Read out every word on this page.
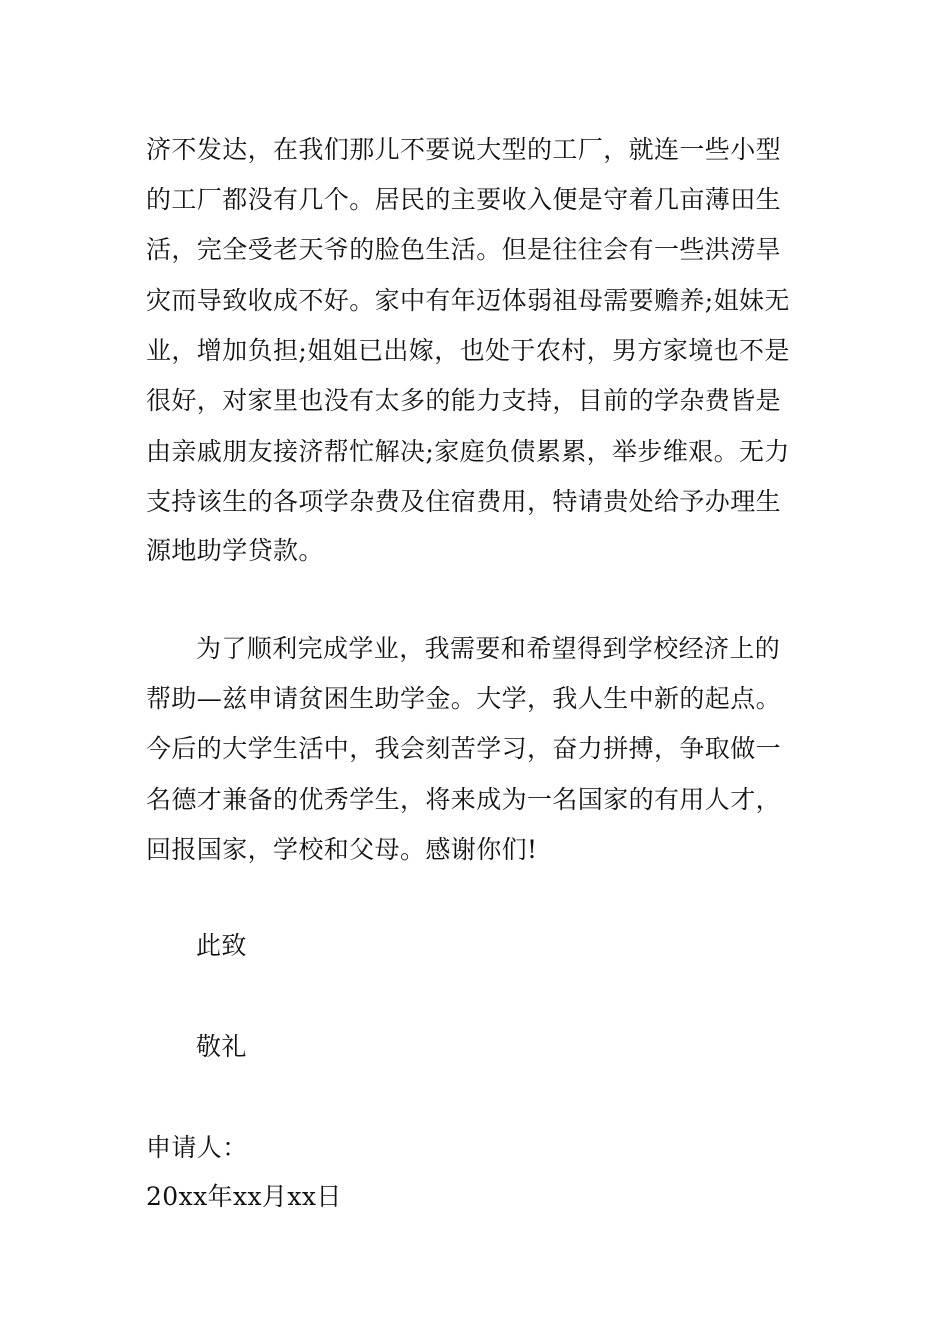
济不发达，在我们那儿不要说大型的工厂，就连一些小型
的工厂都没有几个。居民的主要收入便是守着几亩薄田生
活，完全受老天爷的脸色生活。但是往往会有一些洪涝旱
灾而导致收成不好。家中有年迈体弱祖母需要赡养;姐妹无
业，增加负担;姐姐已出嫁，也处于农村，男方家境也不是
很好，对家里也没有太多的能力支持，目前的学杂费皆是
由亲戚朋友接济帮忙解决;家庭负债累累，举步维艰。无力
支持该生的各项学杂费及住宿费用，特请贵处给予办理生
源地助学贷款。
为了顺利完成学业，我需要和希望得到学校经济上的
帮助—兹申请贫困生助学金。大学，我人生中新的起点。
今后的大学生活中，我会刻苦学习，奋力拼搏，争取做一
名德才兼备的优秀学生，将来成为一名国家的有用人才，
回报国家，学校和父母。感谢你们!
此致
敬礼
申请人：
20xx年xx月xx日
